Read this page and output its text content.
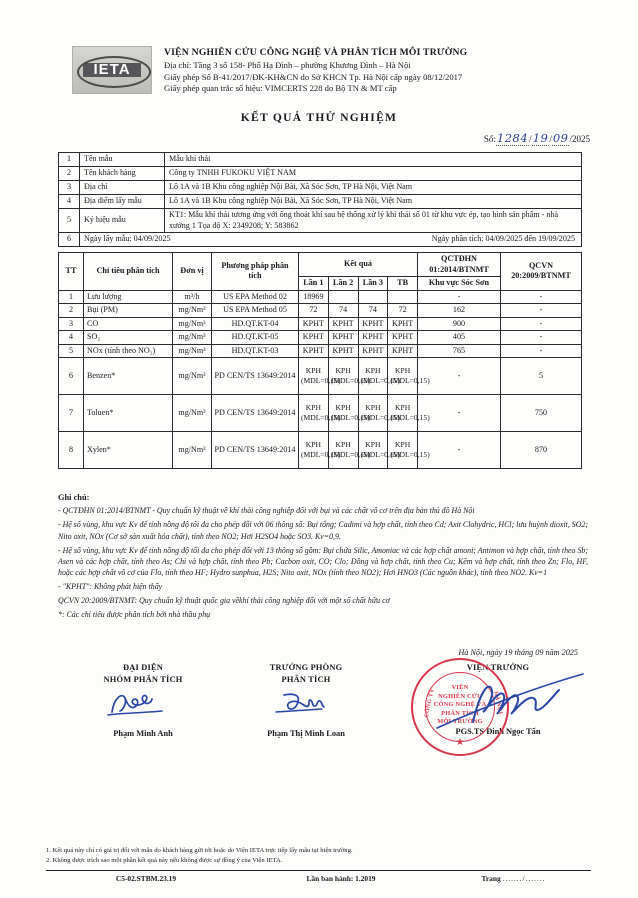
IETA
VIỆN NGHIÊN CỨU CÔNG NGHỆ VÀ PHÂN TÍCH MÔI TRƯỜNG
Địa chỉ: Tầng 3 số 158- Phố Hạ Đình – phường Khương Đình – Hà Nội
Giấy phép Số B-41/2017/ĐK-KH&CN do Sở KHCN Tp. Hà Nội cấp ngày 08/12/2017
Giấy phép quan trắc số hiệu: VIMCERTS 228 do Bộ TN & MT cấp
KẾT QUẢ THỬ NGHIỆM
Số:1284/19/09/2025
1	Tên mẫu	Mẫu khí thải
2	Tên khách hàng	Công ty TNHH FUKOKU VIỆT NAM
3	Địa chỉ	Lô 1A và 1B Khu công nghiệp Nội Bài, Xã Sóc Sơn, TP Hà Nội, Việt Nam
4	Địa điểm lấy mẫu	Lô 1A và 1B Khu công nghiệp Nội Bài, Xã Sóc Sơn, TP Hà Nội, Việt Nam
5	Ký hiệu mẫu	KT1: Mẫu khí thải tương ứng với ống thoát khí sau hệ thống xử lý khí thải số 01 từ khu vực ép, tạo hình sản phẩm - nhà xưởng 1 Tọa độ X: 2349208; Y: 583862
6	Ngày lấy mẫu: 04/09/2025 Ngày phân tích: 04/09/2025 đến 19/09/2025	
TT	Chỉ tiêu phân tích	Đơn vị	Phương pháp phân tích	Kết quả				QCTĐHN 01:2014/BTNMT	QCVN 20:2009/BTNMT
				Lần 1	Lần 2	Lần 3	TB	Khu vực Sóc Sơn	
1	Lưu lượng	m³/h	US EPA Method 02	18969				-	-
2	Bụi (PM)	mg/Nm³	US EPA Method 05	72	74	74	72	162	-
3	CO	mg/Nm³	HD.QT.KT-04	KPHT	KPHT	KPHT	KPHT	900	-
4	SO₂	mg/Nm³	HD.QT.KT-05	KPHT	KPHT	KPHT	KPHT	405	-
5	NOx (tính theo NO₂)	mg/Nm³	HD.QT.KT-03	KPHT	KPHT	KPHT	KPHT	765	-
6	Benzen*	mg/Nm³	PD CEN/TS 13649:2014	KPH (MDL=0,15)	KPH (MDL=0,15)	KPH (MDL=0,15)	KPH (MDL=0,15)	-	5
7	Toluen*	mg/Nm³	PD CEN/TS 13649:2014	KPH (MDL=0,15)	KPH (MDL=0,15)	KPH (MDL=0,15)	KPH (MDL=0,15)	-	750
8	Xylen*	mg/Nm³	PD CEN/TS 13649:2014	KPH (MDL=0,15)	KPH (MDL=0,15)	KPH (MDL=0,15)	KPH (MDL=0,15)	-	870
Ghi chú:

- QCTĐHN 01:2014/BTNMT - Quy chuẩn kỹ thuật về khí thải công nghiệp đối với bụi và các chất vô cơ trên địa bàn thủ đô Hà Nội

- Hệ số vùng, khu vực Kv để tính nồng độ tối đa cho phép đối với 06 thông số: Bụi tổng; Cadimi và hợp chất, tính theo Cd; Axit Clohydric, HCl; lưu huỳnh dioxit, SO2; Nito oxit, NOx (Cơ sở sản xuất hóa chất), tính theo NO2; Hơi H2SO4 hoặc SO3. Kv=0,9.

- Hệ số vùng, khu vực Kv để tính nồng độ tối đa cho phép đối với 13 thông số gồm: Bụi chứa Silic, Amoniac và các hợp chất amoni; Antimon và hợp chất, tính theo Sb; Asen và các hợp chất, tính theo As; Chì và hợp chất, tính theo Pb; Cacbon oxit, CO; Clo; Đồng và hợp chất, tính theo Cu; Kẽm và hợp chất, tính theo Zn; Flo, HF, hoặc các hợp chất vô cơ của Flo, tính theo HF; Hydro sunphua, H2S; Nito oxit, NOx (tính theo NO2); Hơi HNO3 (Các nguồn khác), tính theo NO2. Kv=1

- "KPHT": Không phát hiện thấy

QCVN 20:2009/BTNMT: Quy chuẩn kỹ thuật quốc gia vềkhí thải công nghiệp đối với một số chất hữu cơ

*: Các chỉ tiêu được phân tích bởi nhà thầu phụ

Hà Nội, ngày 19 tháng 09 năm 2025
ĐẠI DIỆN
NHÓM PHÂN TÍCH
Phạm Minh Anh
TRƯỞNG PHÒNG
PHÂN TÍCH
Phạm Thị Minh Loan
VIỆN TRƯỞNG
PGS.TS Đinh Ngọc Tấn
VIỆN
NGHIÊN CỨU
CÔNG NGHỆ VÀ
PHÂN TÍCH
MÔI TRƯỜNG
CÔNG TY	HÀ NỘI
★
1. Kết quả này chỉ có giá trị đối với mẫu do khách hàng gửi tới hoặc do Viện IETA trực tiếp lấy mẫu tại hiện trường.
2. Không được trích sao một phần kết quả này nếu không được sự đồng ý của Viện IETA.
C5-02.STBM.23.19	Lần ban hành: 1.2019	Trang ......./.......
